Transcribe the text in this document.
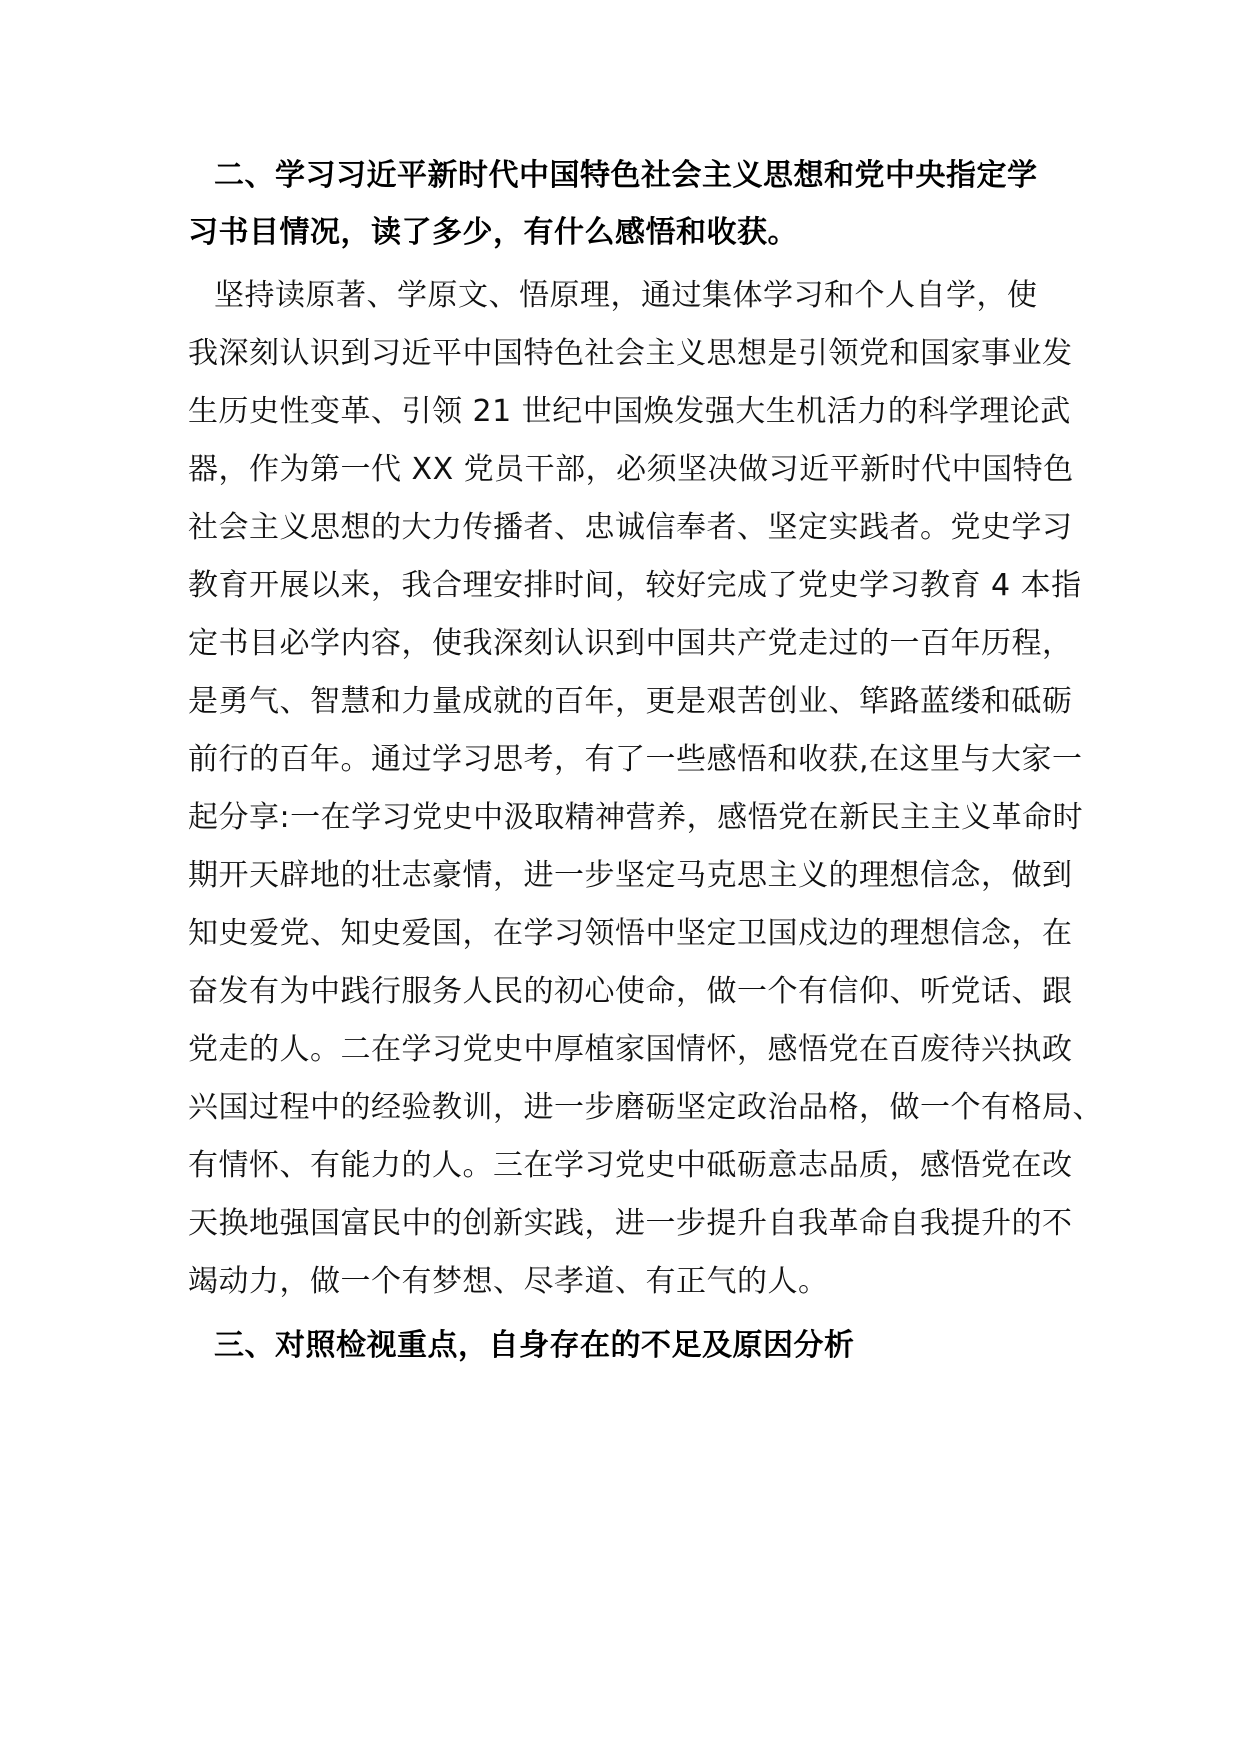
二、学习习近平新时代中国特色社会主义思想和党中央指定学

习书目情况，读了多少，有什么感悟和收获。

坚持读原著、学原文、悟原理，通过集体学习和个人自学，使

我深刻认识到习近平中国特色社会主义思想是引领党和国家事业发

生历史性变革、引领 21 世纪中国焕发强大生机活力的科学理论武

器，作为第一代 XX 党员干部，必须坚决做习近平新时代中国特色

社会主义思想的大力传播者、忠诚信奉者、坚定实践者。党史学习

教育开展以来，我合理安排时间，较好完成了党史学习教育 4 本指

定书目必学内容，使我深刻认识到中国共产党走过的一百年历程，

是勇气、智慧和力量成就的百年，更是艰苦创业、筚路蓝缕和砥砺

前行的百年。通过学习思考，有了一些感悟和收获,在这里与大家一

起分享:一在学习党史中汲取精神营养，感悟党在新民主主义革命时

期开天辟地的壮志豪情，进一步坚定马克思主义的理想信念，做到

知史爱党、知史爱国，在学习领悟中坚定卫国戍边的理想信念，在

奋发有为中践行服务人民的初心使命，做一个有信仰、听党话、跟

党走的人。二在学习党史中厚植家国情怀，感悟党在百废待兴执政

兴国过程中的经验教训，进一步磨砺坚定政治品格，做一个有格局、

有情怀、有能力的人。三在学习党史中砥砺意志品质，感悟党在改

天换地强国富民中的创新实践，进一步提升自我革命自我提升的不

竭动力，做一个有梦想、尽孝道、有正气的人。

三、对照检视重点，自身存在的不足及原因分析
